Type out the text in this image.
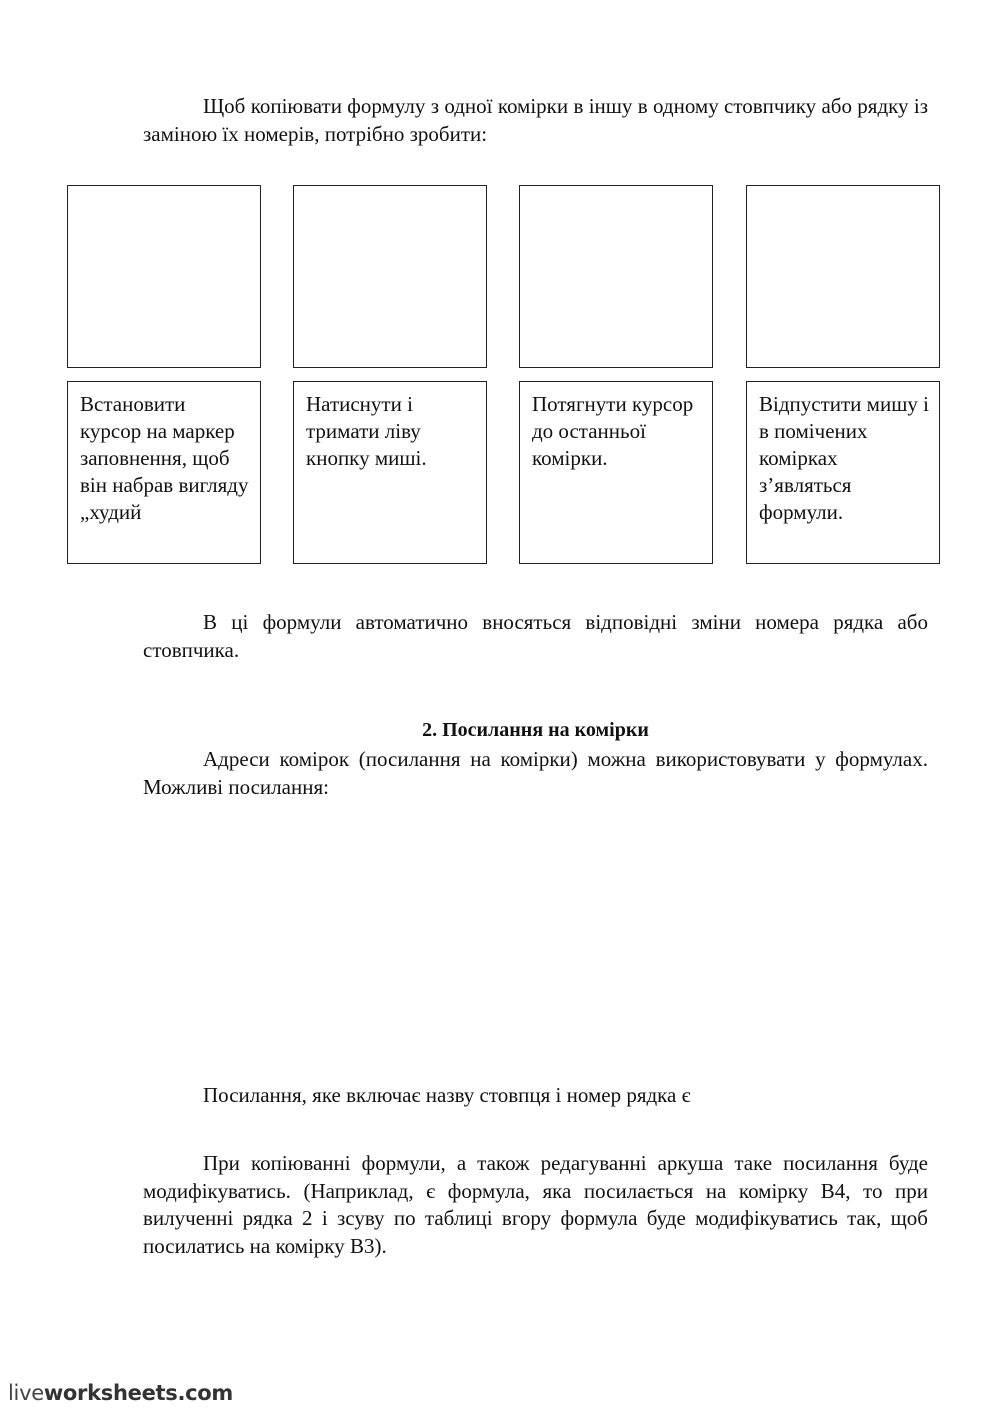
Щоб копіювати формулу з одної комірки в іншу в одному стовпчику або рядку із заміною їх номерів, потрібно зробити:

Встановити курсор на маркер заповнення, щоб він набрав вигляду „худий
Натиснути і тримати ліву кнопку миші.
Потягнути курсор до останньої комірки.
Відпустити мишу і в помічених комірках з’являться формули.

В ці формули автоматично вносяться відповідні зміни номера рядка або стовпчика.

2. Посилання на комірки

Адреси комірок (посилання на комірки) можна використовувати у формулах. Можливі посилання:

Посилання, яке включає назву стовпця і номер рядка є

При копіюванні формули, а також редагуванні аркуша таке посилання буде модифікуватись. (Наприклад, є формула, яка посилається на комірку B4, то при вилученні рядка 2 і зсуву по таблиці вгору формула буде модифікуватись так, щоб посилатись на комірку B3).

liveworksheets.com
